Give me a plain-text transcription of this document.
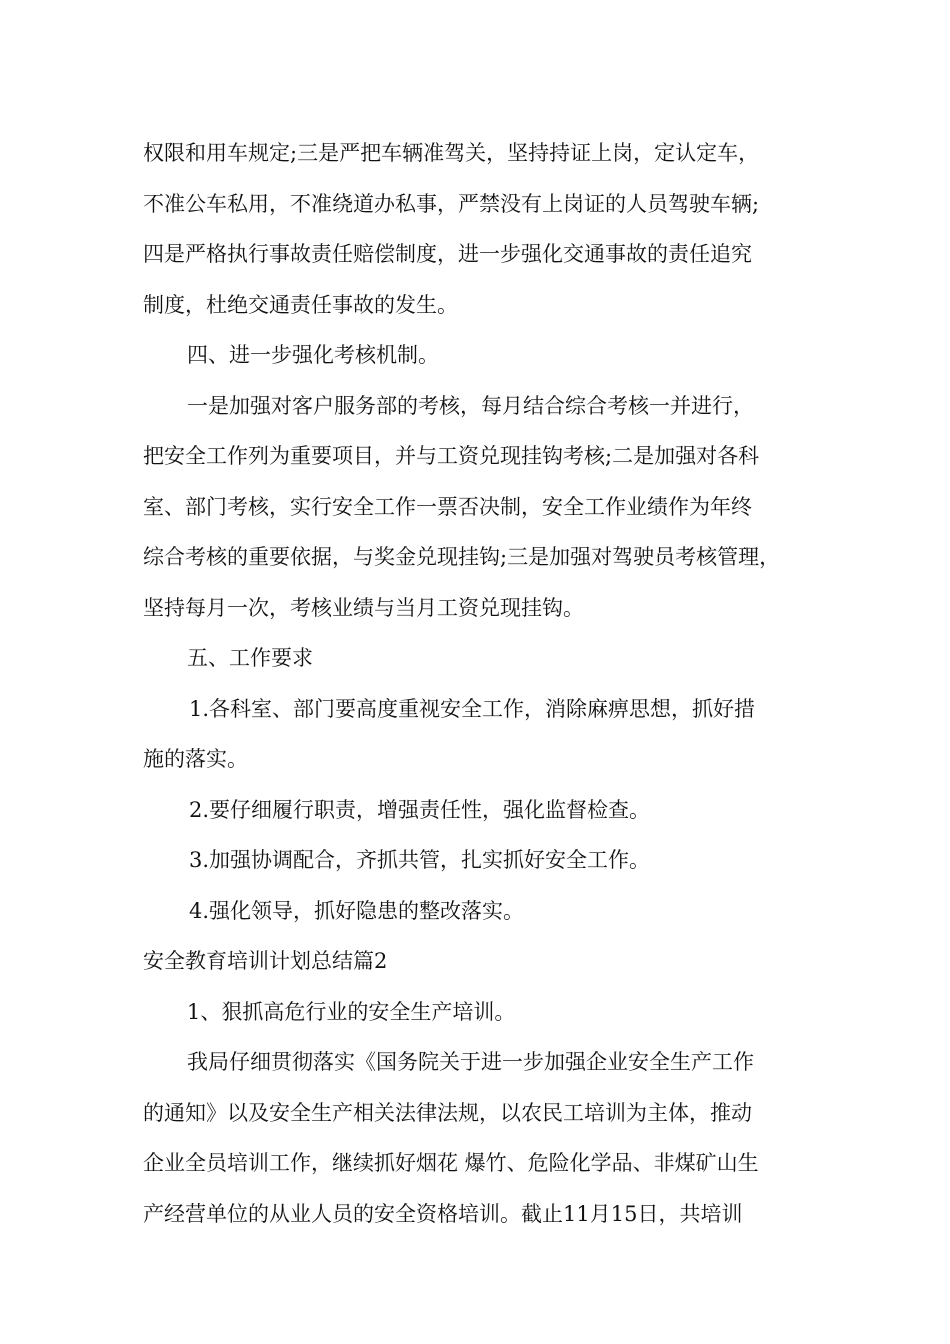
权限和用车规定;三是严把车辆准驾关，坚持持证上岗，定认定车，
不准公车私用，不准绕道办私事，严禁没有上岗证的人员驾驶车辆;
四是严格执行事故责任赔偿制度，进一步强化交通事故的责任追究
制度，杜绝交通责任事故的发生。
四、进一步强化考核机制。
一是加强对客户服务部的考核，每月结合综合考核一并进行，
把安全工作列为重要项目，并与工资兑现挂钩考核;二是加强对各科
室、部门考核，实行安全工作一票否决制，安全工作业绩作为年终
综合考核的重要依据，与奖金兑现挂钩;三是加强对驾驶员考核管理，
坚持每月一次，考核业绩与当月工资兑现挂钩。
五、工作要求
1.各科室、部门要高度重视安全工作，消除麻痹思想，抓好措
施的落实。
2.要仔细履行职责，增强责任性，强化监督检查。
3.加强协调配合，齐抓共管，扎实抓好安全工作。
4.强化领导，抓好隐患的整改落实。
安全教育培训计划总结篇2
1、狠抓高危行业的安全生产培训。
我局仔细贯彻落实《国务院关于进一步加强企业安全生产工作
的通知》以及安全生产相关法律法规，以农民工培训为主体，推动
企业全员培训工作，继续抓好烟花 爆竹、危险化学品、非煤矿山生
产经营单位的从业人员的安全资格培训。截止11月15日，共培训
